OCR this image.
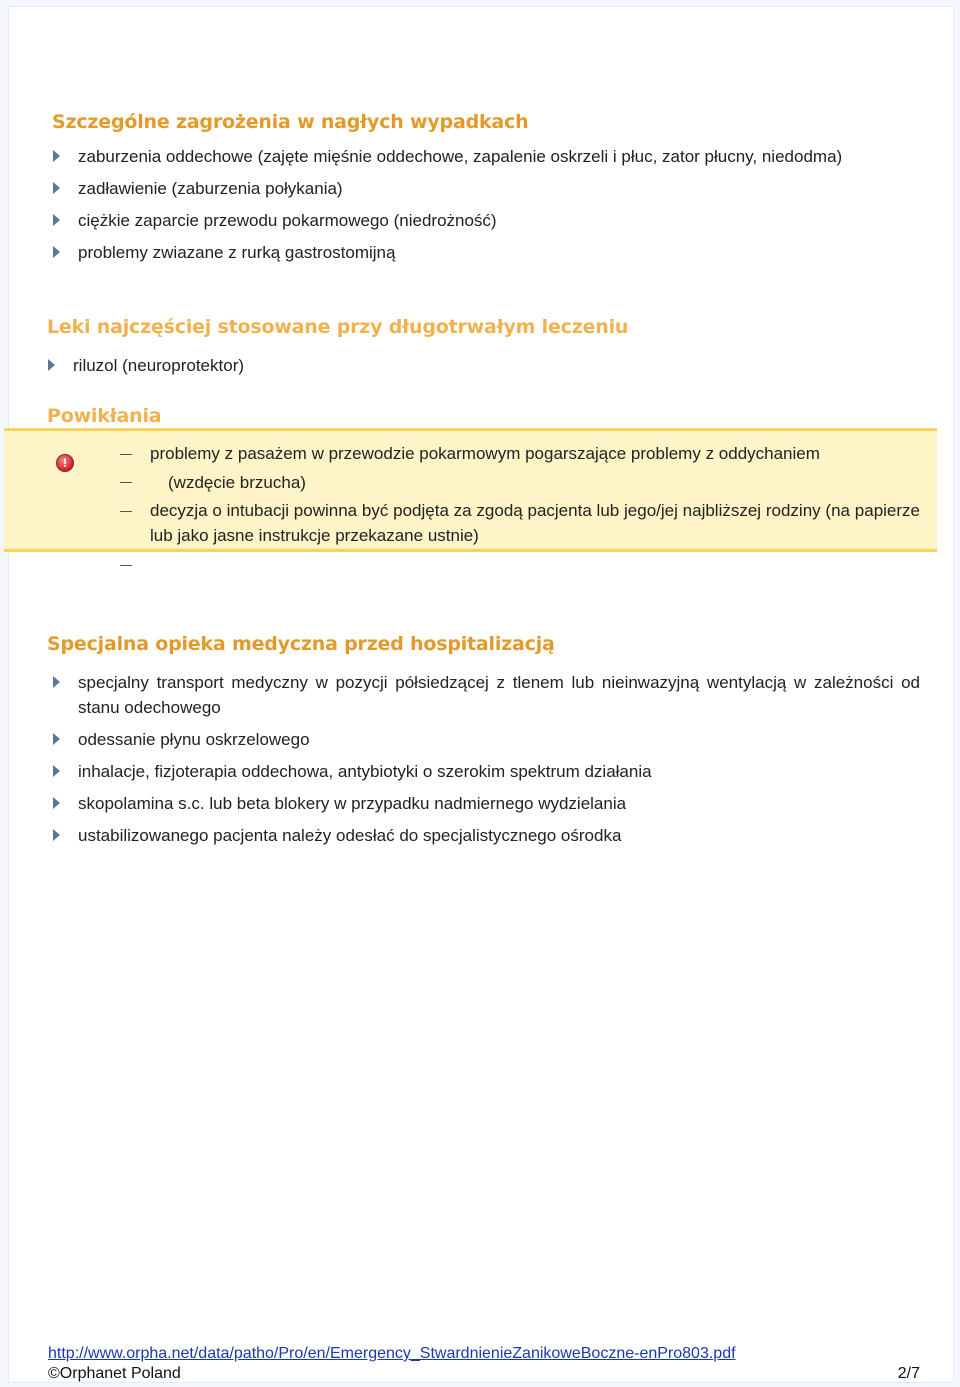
Szczególne zagrożenia w nagłych wypadkach
zaburzenia oddechowe (zajęte mięśnie oddechowe, zapalenie oskrzeli i płuc, zator płucny, niedodma)
zadławienie (zaburzenia połykania)
ciężkie zaparcie przewodu pokarmowego (niedrożność)
problemy zwiazane z rurką gastrostomijną
Leki najczęściej stosowane przy długotrwałym leczeniu
riluzol (neuroprotektor)
Powikłania
!	problemy z pasażem w przewodzie pokarmowym pogarszające problemy z oddychaniem

(wzdęcie brzucha)

decyzja o intubacji powinna być podjęta za zgodą pacjenta lub jego/jej najbliższej rodziny (na papierze lub jako jasne instrukcje przekazane ustnie)

Specjalna opieka medyczna przed hospitalizacją
specjalny transport medyczny w pozycji półsiedzącej z tlenem lub nieinwazyjną wentylacją w zależności od stanu odechowego
odessanie płynu oskrzelowego
inhalacje, fizjoterapia oddechowa, antybiotyki o szerokim spektrum działania
skopolamina s.c. lub beta blokery w przypadku nadmiernego wydzielania
ustabilizowanego pacjenta należy odesłać do specjalistycznego ośrodka
http://www.orpha.net/data/patho/Pro/en/Emergency_StwardnienieZanikoweBoczne-enPro803.pdf
©Orphanet Poland	2/7
